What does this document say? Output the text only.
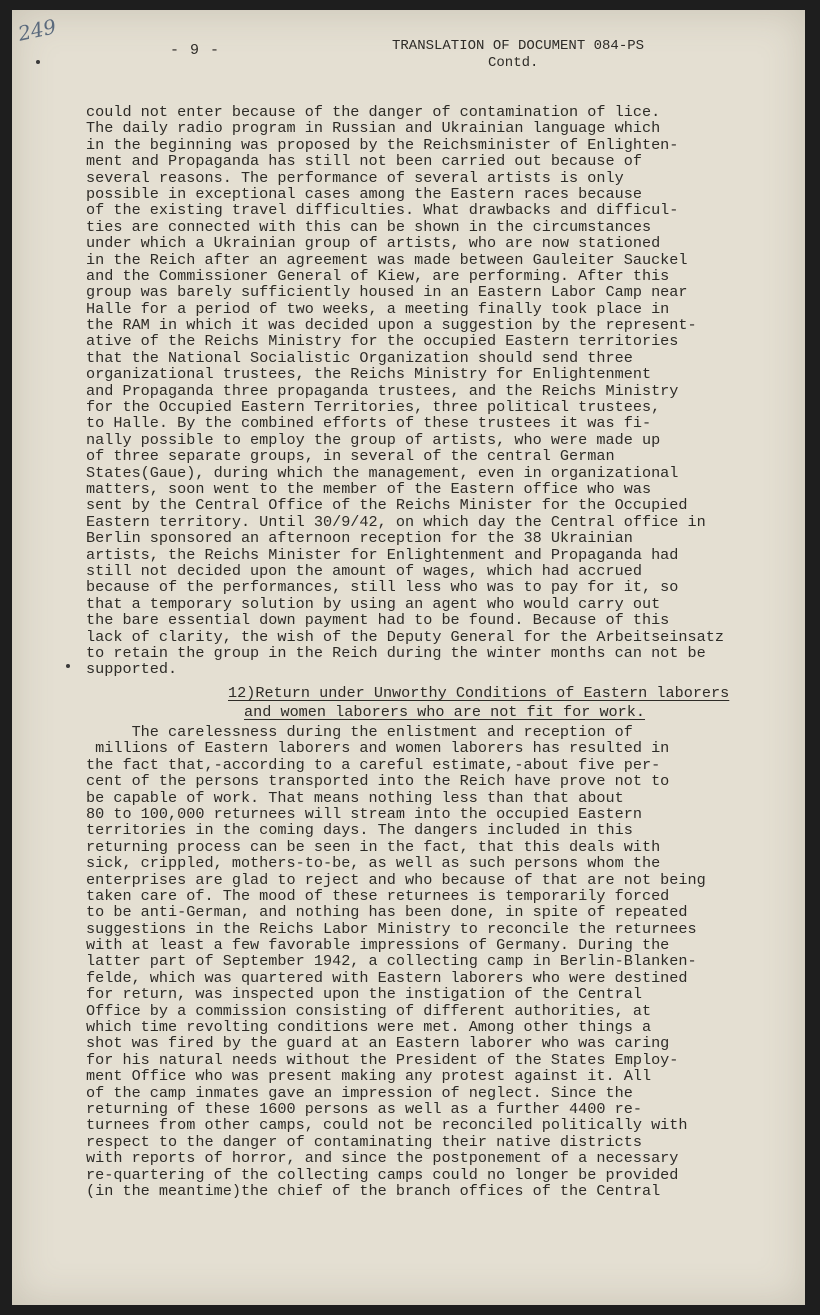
249
- 9 -	TRANSLATION OF DOCUMENT 084-PS
Contd.
could not enter because of the danger of contamination of lice.
The daily radio program in Russian and Ukrainian language which
in the beginning was proposed by the Reichsminister of Enlighten-
ment and Propaganda has still not been carried out because of
several reasons. The performance of several artists is only
possible in exceptional cases among the Eastern races because
of the existing travel difficulties. What drawbacks and difficul-
ties are connected with this can be shown in the circumstances
under which a Ukrainian group of artists, who are now stationed
in the Reich after an agreement was made between Gauleiter Sauckel
and the Commissioner General of Kiew, are performing. After this
group was barely sufficiently housed in an Eastern Labor Camp near
Halle for a period of two weeks, a meeting finally took place in
the RAM in which it was decided upon a suggestion by the represent-
ative of the Reichs Ministry for the occupied Eastern territories
that the National Socialistic Organization should send three
organizational trustees, the Reichs Ministry for Enlightenment
and Propaganda three propaganda trustees, and the Reichs Ministry
for the Occupied Eastern Territories, three political trustees,
to Halle. By the combined efforts of these trustees it was fi-
nally possible to employ the group of artists, who were made up
of three separate groups, in several of the central German
States(Gaue), during which the management, even in organizational
matters, soon went to the member of the Eastern office who was
sent by the Central Office of the Reichs Minister for the Occupied
Eastern territory. Until 30/9/42, on which day the Central office in
Berlin sponsored an afternoon reception for the 38 Ukrainian
artists, the Reichs Minister for Enlightenment and Propaganda had
still not decided upon the amount of wages, which had accrued
because of the performances, still less who was to pay for it, so
that a temporary solution by using an agent who would carry out
the bare essential down payment had to be found. Because of this
lack of clarity, the wish of the Deputy General for the Arbeitseinsatz
to retain the group in the Reich during the winter months can not be
supported.
12)Return under Unworthy Conditions of Eastern laborers
and women laborers who are not fit for work.
The carelessness during the enlistment and reception of
millions of Eastern laborers and women laborers has resulted in
the fact that,-according to a careful estimate,-about five per-
cent of the persons transported into the Reich have prove not to
be capable of work. That means nothing less than that about
80 to 100,000 returnees will stream into the occupied Eastern
territories in the coming days. The dangers included in this
returning process can be seen in the fact, that this deals with
sick, crippled, mothers-to-be, as well as such persons whom the
enterprises are glad to reject and who because of that are not being
taken care of. The mood of these returnees is temporarily forced
to be anti-German, and nothing has been done, in spite of repeated
suggestions in the Reichs Labor Ministry to reconcile the returnees
with at least a few favorable impressions of Germany. During the
latter part of September 1942, a collecting camp in Berlin-Blanken-
felde, which was quartered with Eastern laborers who were destined
for return, was inspected upon the instigation of the Central
Office by a commission consisting of different authorities, at
which time revolting conditions were met. Among other things a
shot was fired by the guard at an Eastern laborer who was caring
for his natural needs without the President of the States Employ-
ment Office who was present making any protest against it. All
of the camp inmates gave an impression of neglect. Since the
returning of these 1600 persons as well as a further 4400 re-
turnees from other camps, could not be reconciled politically with
respect to the danger of contaminating their native districts
with reports of horror, and since the postponement of a necessary
re-quartering of the collecting camps could no longer be provided
(in the meantime)the chief of the branch offices of the Central
